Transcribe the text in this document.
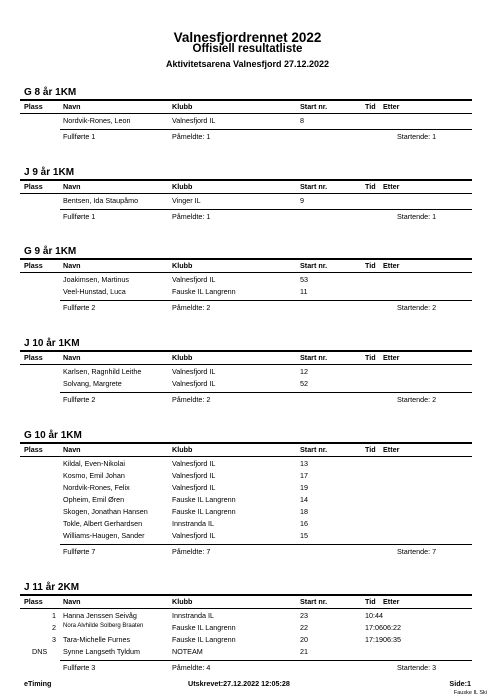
Valnesfjordrennet 2022
Offisiell resultatliste
Aktivitetsarena Valnesfjord 27.12.2022
G 8 år 1KM
Plass	Navn	Klubb	Start nr.	Tid Etter
Nordvik-Rones, Leon	Valnesfjord IL	8
Fullførte 1	Påmeldte: 1	Startende: 1
J 9 år 1KM
Plass	Navn	Klubb	Start nr.	Tid Etter
Bentsen, Ida Staupåmo	Vinger IL	9
Fullførte 1	Påmeldte: 1	Startende: 1
G 9 år 1KM
Plass	Navn	Klubb	Start nr.	Tid Etter
Joakimsen, Martinus	Valnesfjord IL	53
Veel-Hunstad, Luca	Fauske IL Langrenn	11
Fullførte 2	Påmeldte: 2	Startende: 2
J 10 år 1KM
Plass	Navn	Klubb	Start nr.	Tid Etter
Karlsen, Ragnhild Leithe	Valnesfjord IL	12
Solvang, Margrete	Valnesfjord IL	52
Fullførte 2	Påmeldte: 2	Startende: 2
G 10 år 1KM
Plass	Navn	Klubb	Start nr.	Tid Etter
Kildal, Even-Nikolai	Valnesfjord IL	13
Kosmo, Emil Johan	Valnesfjord IL	17
Nordvik-Rones, Felix	Valnesfjord IL	19
Opheim, Emil Øren	Fauske IL Langrenn	14
Skogen, Jonathan Hansen	Fauske IL Langrenn	18
Tokle, Albert Gerhardsen	Innstranda IL	16
Williams-Haugen, Sander	Valnesfjord IL	15
Fullførte 7	Påmeldte: 7	Startende: 7
J 11 år 2KM
Plass	Navn	Klubb	Start nr.	Tid Etter
1 Hanna Jenssen Seivåg	Innstranda IL	23	10:44
2 Nora Alvhilde Solberg Braaten	Fauske IL Langrenn	22	17:06 06:22
3 Tara-Michelle Furnes	Fauske IL Langrenn	20	17:19 06:35
DNS	Synne Langseth Tyldum	NOTEAM	21
Fullførte 3	Påmeldte: 4	Startende: 3
eTiming	Utskrevet:27.12.2022 12:05:28	Side:1
Fauske IL Ski
